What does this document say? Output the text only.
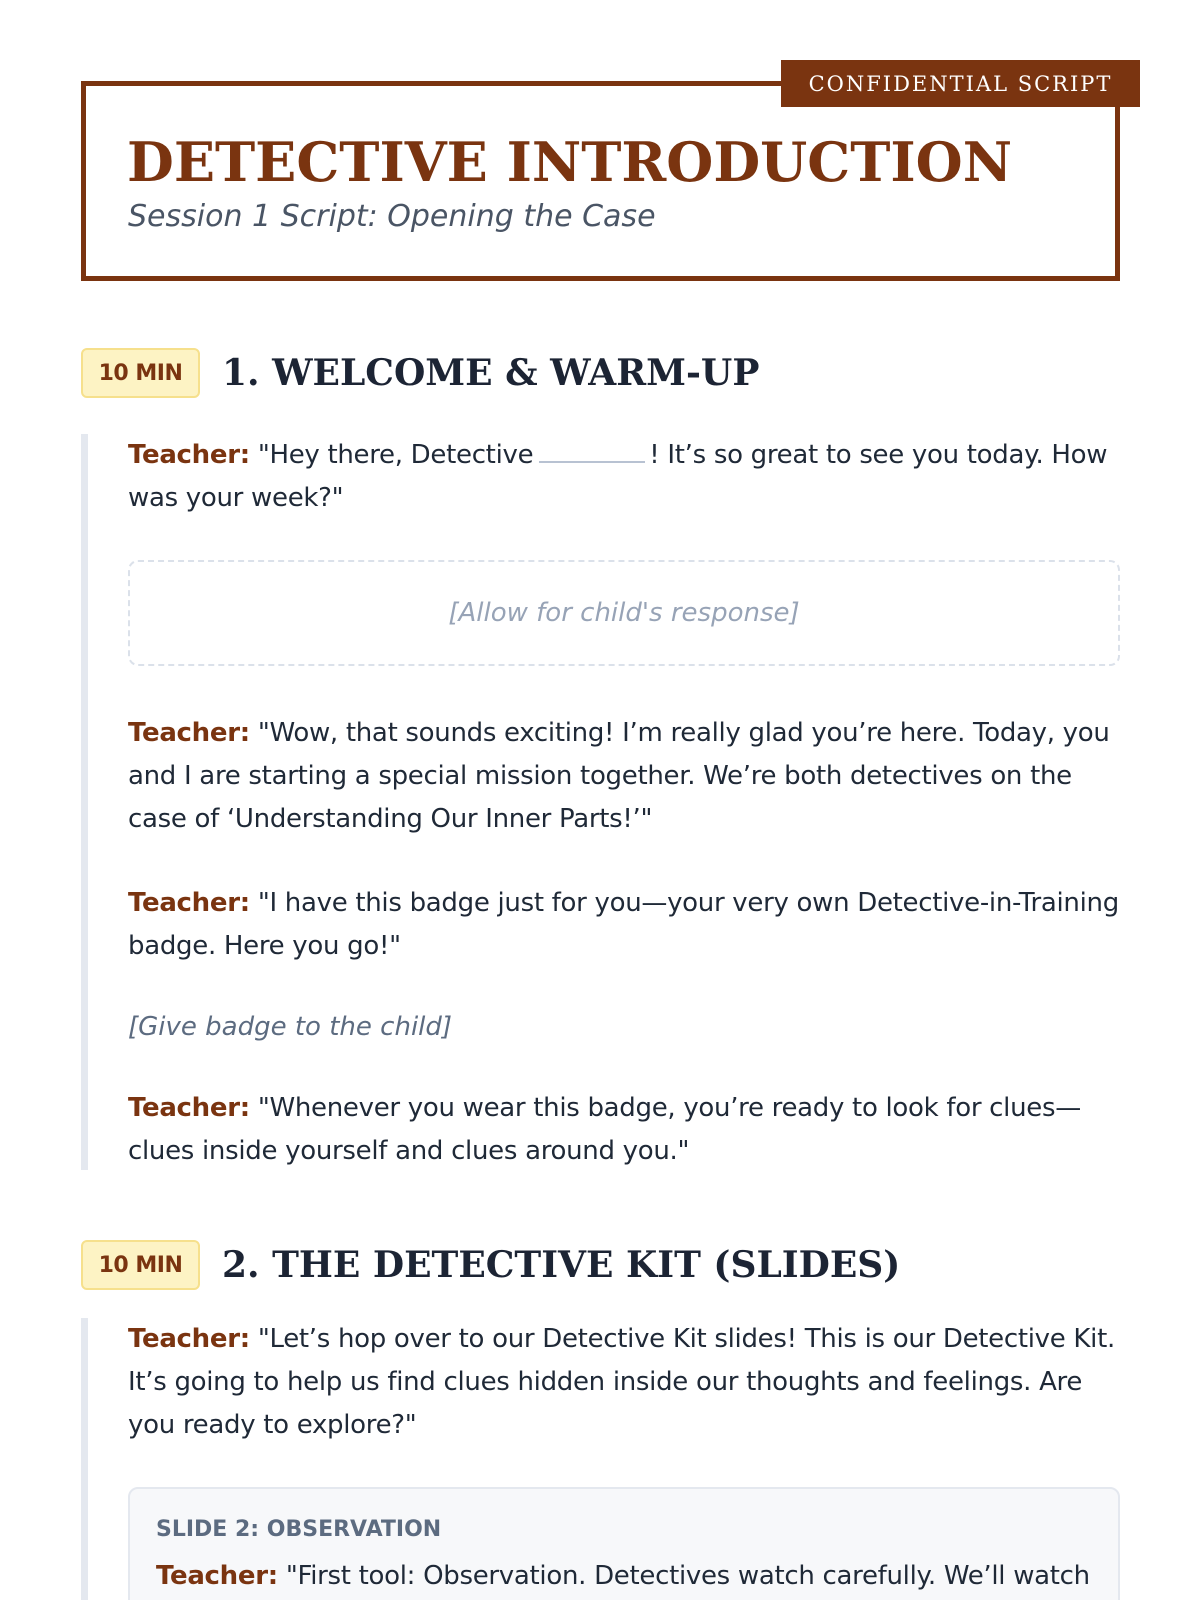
CONFIDENTIAL SCRIPT
DETECTIVE INTRODUCTION

Session 1 Script: Opening the Case

10 MIN	1. WELCOME & WARM-UP

Teacher: "Hey there, Detective	! It’s so great to see you today. How was your week?"

[Allow for child's response]

Teacher: "Wow, that sounds exciting! I’m really glad you’re here. Today, you and I are starting a special mission together. We’re both detectives on the case of ‘Understanding Our Inner Parts!’"

Teacher: "I have this badge just for you—your very own Detective-in-Training badge. Here you go!"

[Give badge to the child]

Teacher: "Whenever you wear this badge, you’re ready to look for clues—clues inside yourself and clues around you."

10 MIN	2. THE DETECTIVE KIT (SLIDES)

Teacher: "Let’s hop over to our Detective Kit slides! This is our Detective Kit. It’s going to help us find clues hidden inside our thoughts and feelings. Are you ready to explore?"

SLIDE 2: OBSERVATION

Teacher: "First tool: Observation. Detectives watch carefully. We’ll watch
